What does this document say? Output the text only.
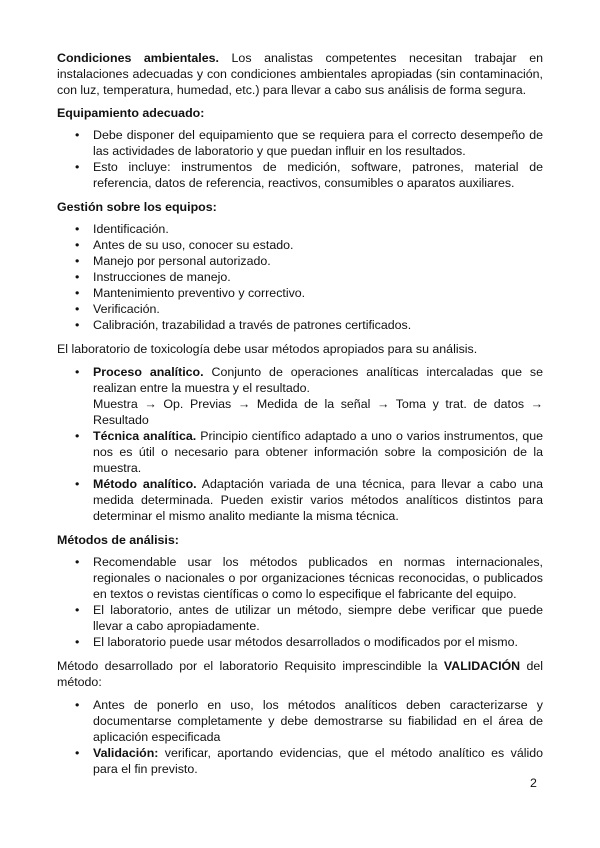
Condiciones ambientales. Los analistas competentes necesitan trabajar en instalaciones adecuadas y con condiciones ambientales apropiadas (sin contaminación, con luz, temperatura, humedad, etc.) para llevar a cabo sus análisis de forma segura.

Equipamiento adecuado:
• Debe disponer del equipamiento que se requiera para el correcto desempeño de las actividades de laboratorio y que puedan influir en los resultados.
• Esto incluye: instrumentos de medición, software, patrones, material de referencia, datos de referencia, reactivos, consumibles o aparatos auxiliares.
Gestión sobre los equipos:
• Identificación.
• Antes de su uso, conocer su estado.
• Manejo por personal autorizado.
• Instrucciones de manejo.
• Mantenimiento preventivo y correctivo.
• Verificación.
• Calibración, trazabilidad a través de patrones certificados.

El laboratorio de toxicología debe usar métodos apropiados para su análisis.

• Proceso analítico. Conjunto de operaciones analíticas intercaladas que se realizan entre la muestra y el resultado.
Muestra → Op. Previas → Medida de la señal → Toma y trat. de datos → Resultado
• Técnica analítica. Principio científico adaptado a uno o varios instrumentos, que nos es útil o necesario para obtener información sobre la composición de la muestra.
• Método analítico. Adaptación variada de una técnica, para llevar a cabo una medida determinada. Pueden existir varios métodos analíticos distintos para determinar el mismo analito mediante la misma técnica.
Métodos de análisis:
• Recomendable usar los métodos publicados en normas internacionales, regionales o nacionales o por organizaciones técnicas reconocidas, o publicados en textos o revistas científicas o como lo especifique el fabricante del equipo.
• El laboratorio, antes de utilizar un método, siempre debe verificar que puede llevar a cabo apropiadamente.
• El laboratorio puede usar métodos desarrollados o modificados por el mismo.

Método desarrollado por el laboratorio Requisito imprescindible la VALIDACIÓN del método:

• Antes de ponerlo en uso, los métodos analíticos deben caracterizarse y documentarse completamente y debe demostrarse su fiabilidad en el área de aplicación especificada
• Validación: verificar, aportando evidencias, que el método analítico es válido para el fin previsto.
2
